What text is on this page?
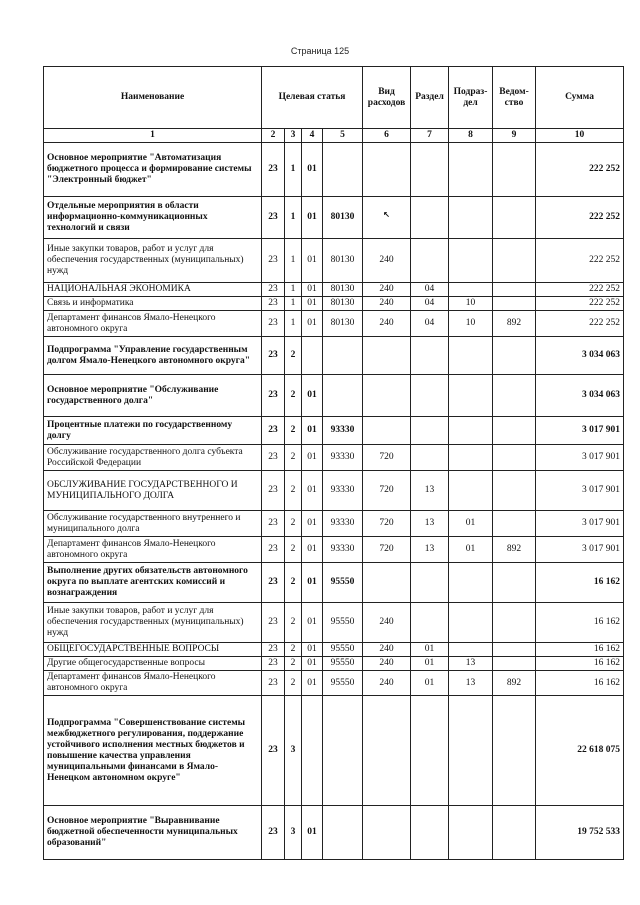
Страница 125
Наименование	Целевая статья				Вид расходов	Раздел	Подраз-дел	Ведом-ство	Сумма
1	2	3	4	5	6	7	8	9	10
Основное мероприятие "Автоматизация бюджетного процесса и формирование системы "Электронный бюджет"	23	1	01						222 252
Отдельные мероприятия в области информационно-коммуникационных технологий и связи	23	1	01	80130	↖				222 252
Иные закупки товаров, работ и услуг для обеспечения государственных (муниципальных) нужд	23	1	01	80130	240				222 252
НАЦИОНАЛЬНАЯ ЭКОНОМИКА	23	1	01	80130	240	04			222 252
Связь и информатика	23	1	01	80130	240	04	10		222 252
Департамент финансов Ямало-Ненецкого автономного округа	23	1	01	80130	240	04	10	892	222 252
Подпрограмма "Управление государственным долгом Ямало-Ненецкого автономного округа"	23	2							3 034 063
Основное мероприятие "Обслуживание государственного долга"	23	2	01						3 034 063
Процентные платежи по государственному долгу	23	2	01	93330					3 017 901
Обслуживание государственного долга субъекта Российской Федерации	23	2	01	93330	720				3 017 901
ОБСЛУЖИВАНИЕ ГОСУДАРСТВЕННОГО И МУНИЦИПАЛЬНОГО ДОЛГА	23	2	01	93330	720	13			3 017 901
Обслуживание государственного внутреннего и муниципального долга	23	2	01	93330	720	13	01		3 017 901
Департамент финансов Ямало-Ненецкого автономного округа	23	2	01	93330	720	13	01	892	3 017 901
Выполнение других обязательств автономного округа по выплате агентских комиссий и вознаграждения	23	2	01	95550					16 162
Иные закупки товаров, работ и услуг для обеспечения государственных (муниципальных) нужд	23	2	01	95550	240				16 162
ОБЩЕГОСУДАРСТВЕННЫЕ ВОПРОСЫ	23	2	01	95550	240	01			16 162
Другие общегосударственные вопросы	23	2	01	95550	240	01	13		16 162
Департамент финансов Ямало-Ненецкого автономного округа	23	2	01	95550	240	01	13	892	16 162
Подпрограмма "Совершенствование системы межбюджетного регулирования, поддержание устойчивого исполнения местных бюджетов и повышение качества управления муниципальными финансами в Ямало-Ненецком автономном округе"	23	3							22 618 075
Основное мероприятие "Выравнивание бюджетной обеспеченности муниципальных образований"	23	3	01						19 752 533
